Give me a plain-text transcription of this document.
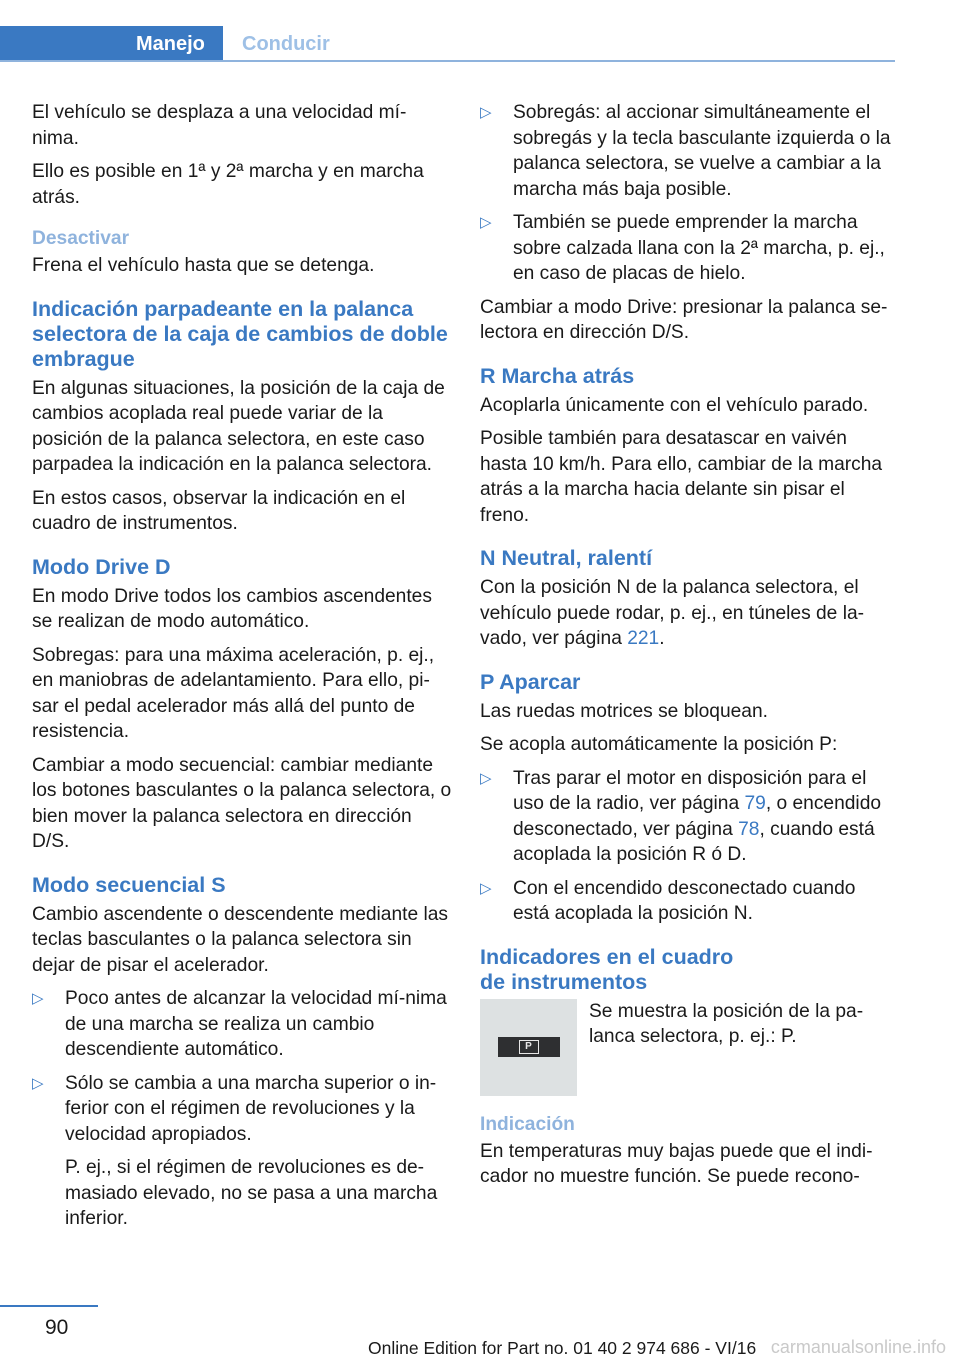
Manejo	Conducir

El vehículo se desplaza a una velocidad mí-nima.

Ello es posible en 1ª y 2ª marcha y en marcha atrás.

Desactivar

Frena el vehículo hasta que se detenga.

Indicación parpadeante en la palanca selectora de la caja de cambios de doble embrague

En algunas situaciones, la posición de la caja de cambios acoplada real puede variar de la posición de la palanca selectora, en este caso parpadea la indicación en la palanca selectora.

En estos casos, observar la indicación en el cuadro de instrumentos.

Modo Drive D

En modo Drive todos los cambios ascendentes se realizan de modo automático.

Sobregas: para una máxima aceleración, p. ej., en maniobras de adelantamiento. Para ello, pi-sar el pedal acelerador más allá del punto de resistencia.

Cambiar a modo secuencial: cambiar mediante los botones basculantes o la palanca selectora, o bien mover la palanca selectora en dirección D/S.

Modo secuencial S

Cambio ascendente o descendente mediante las teclas basculantes o la palanca selectora sin dejar de pisar el acelerador.

▷ Poco antes de alcanzar la velocidad mí-nima de una marcha se realiza un cambio descendiente automático.
▷ Sólo se cambia a una marcha superior o in-ferior con el régimen de revoluciones y la velocidad apropiados.
P. ej., si el régimen de revoluciones es de-masiado elevado, no se pasa a una marcha inferior.
▷ Sobregás: al accionar simultáneamente el sobregás y la tecla basculante izquierda o la palanca selectora, se vuelve a cambiar a la marcha más baja posible.
▷ También se puede emprender la marcha sobre calzada llana con la 2ª marcha, p. ej., en caso de placas de hielo.

Cambiar a modo Drive: presionar la palanca se-lectora en dirección D/S.

R Marcha atrás

Acoplarla únicamente con el vehículo parado.

Posible también para desatascar en vaivén hasta 10 km/h. Para ello, cambiar de la marcha atrás a la marcha hacia delante sin pisar el freno.

N Neutral, ralentí

Con la posición N de la palanca selectora, el vehículo puede rodar, p. ej., en túneles de la-vado, ver página 221.

P Aparcar

Las ruedas motrices se bloquean.

Se acopla automáticamente la posición P:

▷ Tras parar el motor en disposición para el uso de la radio, ver página 79, o encendido desconectado, ver página 78, cuando está acoplada la posición R ó D.
▷ Con el encendido desconectado cuando está acoplada la posición N.
Indicadores en el cuadro
de instrumentos
P
Se muestra la posición de la pa-lanca selectora, p. ej.: P.
Indicación

En temperaturas muy bajas puede que el indi-cador no muestre función. Se puede recono-

90
Online Edition for Part no. 01 40 2 974 686 - VI/16 carmanualsonline.info
